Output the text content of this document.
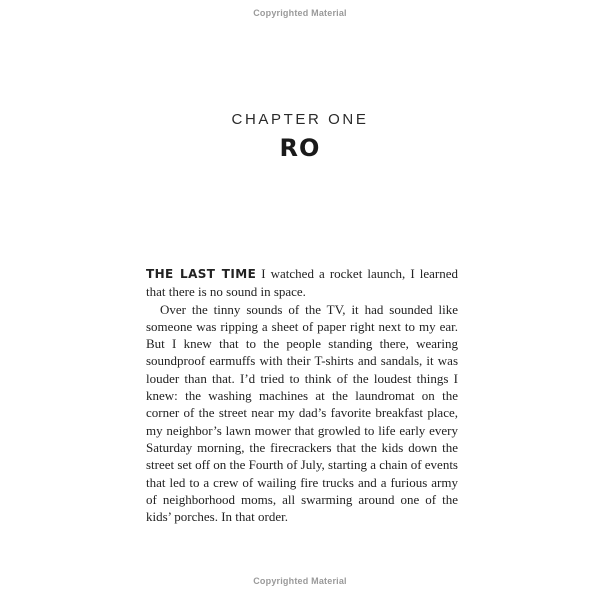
Copyrighted Material
CHAPTER ONE
RO

THE LAST TIME I watched a rocket launch, I learned that there is no sound in space.

Over the tinny sounds of the TV, it had sounded like someone was ripping a sheet of paper right next to my ear. But I knew that to the people standing there, wearing soundproof earmuffs with their T-shirts and sandals, it was louder than that. I’d tried to think of the loudest things I knew: the washing machines at the laundromat on the corner of the street near my dad’s favorite breakfast place, my neighbor’s lawn mower that growled to life early every Saturday morning, the firecrackers that the kids down the street set off on the Fourth of July, starting a chain of events that led to a crew of wailing fire trucks and a furious army of neighborhood moms, all swarming around one of the kids’ porches. In that order.

Copyrighted Material
